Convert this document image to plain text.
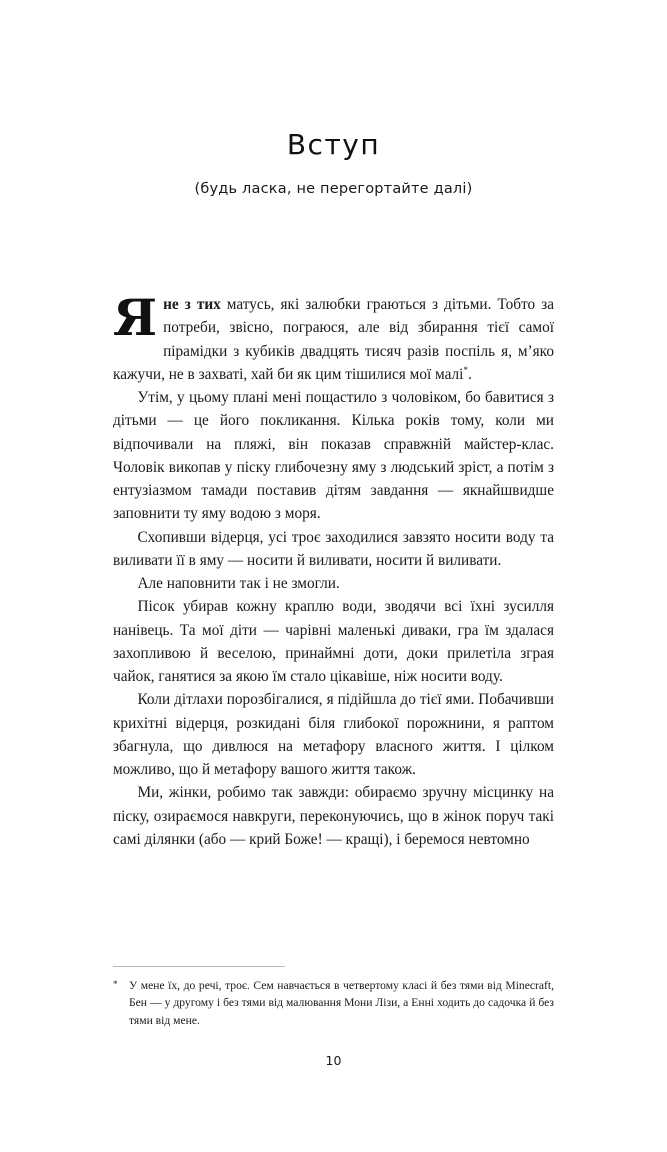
Вступ
(будь ласка, не перегортайте далі)

Яне з тих матусь, які залюбки граються з дітьми. Тобто за потреби, звісно, пограюся, але від збирання тієї самої пірамідки з кубиків двадцять тисяч разів поспіль я, м’яко кажучи, не в захваті, хай би як цим тішилися мої малі*.

Утім, у цьому плані мені пощастило з чоловіком, бо бавитися з дітьми — це його покликання. Кілька років тому, коли ми відпочивали на пляжі, він показав справжній майстер-клас. Чоловік викопав у піску глибочезну яму з людський зріст, а потім з ентузіазмом тамади поставив дітям завдання — якнайшвидше заповнити ту яму водою з моря.

Схопивши відерця, усі троє заходилися завзято носити воду та виливати її в яму — носити й виливати, носити й виливати.

Але наповнити так і не змогли.

Пісок убирав кожну краплю води, зводячи всі їхні зусилля нанівець. Та мої діти — чарівні маленькі диваки, гра їм здалася захопливою й веселою, принаймні доти, доки прилетіла зграя чайок, ганятися за якою їм стало цікавіше, ніж носити воду.

Коли дітлахи порозбігалися, я підійшла до тієї ями. Побачивши крихітні відерця, розкидані біля глибокої порожнини, я раптом збагнула, що дивлюся на метафору власного життя. І цілком можливо, що й метафору вашого життя також.

Ми, жінки, робимо так завжди: обираємо зручну місцинку на піску, озираємося навкруги, переконуючись, що в жінок поруч такі самі ділянки (або — крий Боже! — кращі), і беремося невтомно

* У мене їх, до речі, троє. Сем навчається в четвертому класі й без тями від Minecraft, Бен — у другому і без тями від малювання Мони Лізи, а Енні ходить до садочка й без тями від мене.
10
